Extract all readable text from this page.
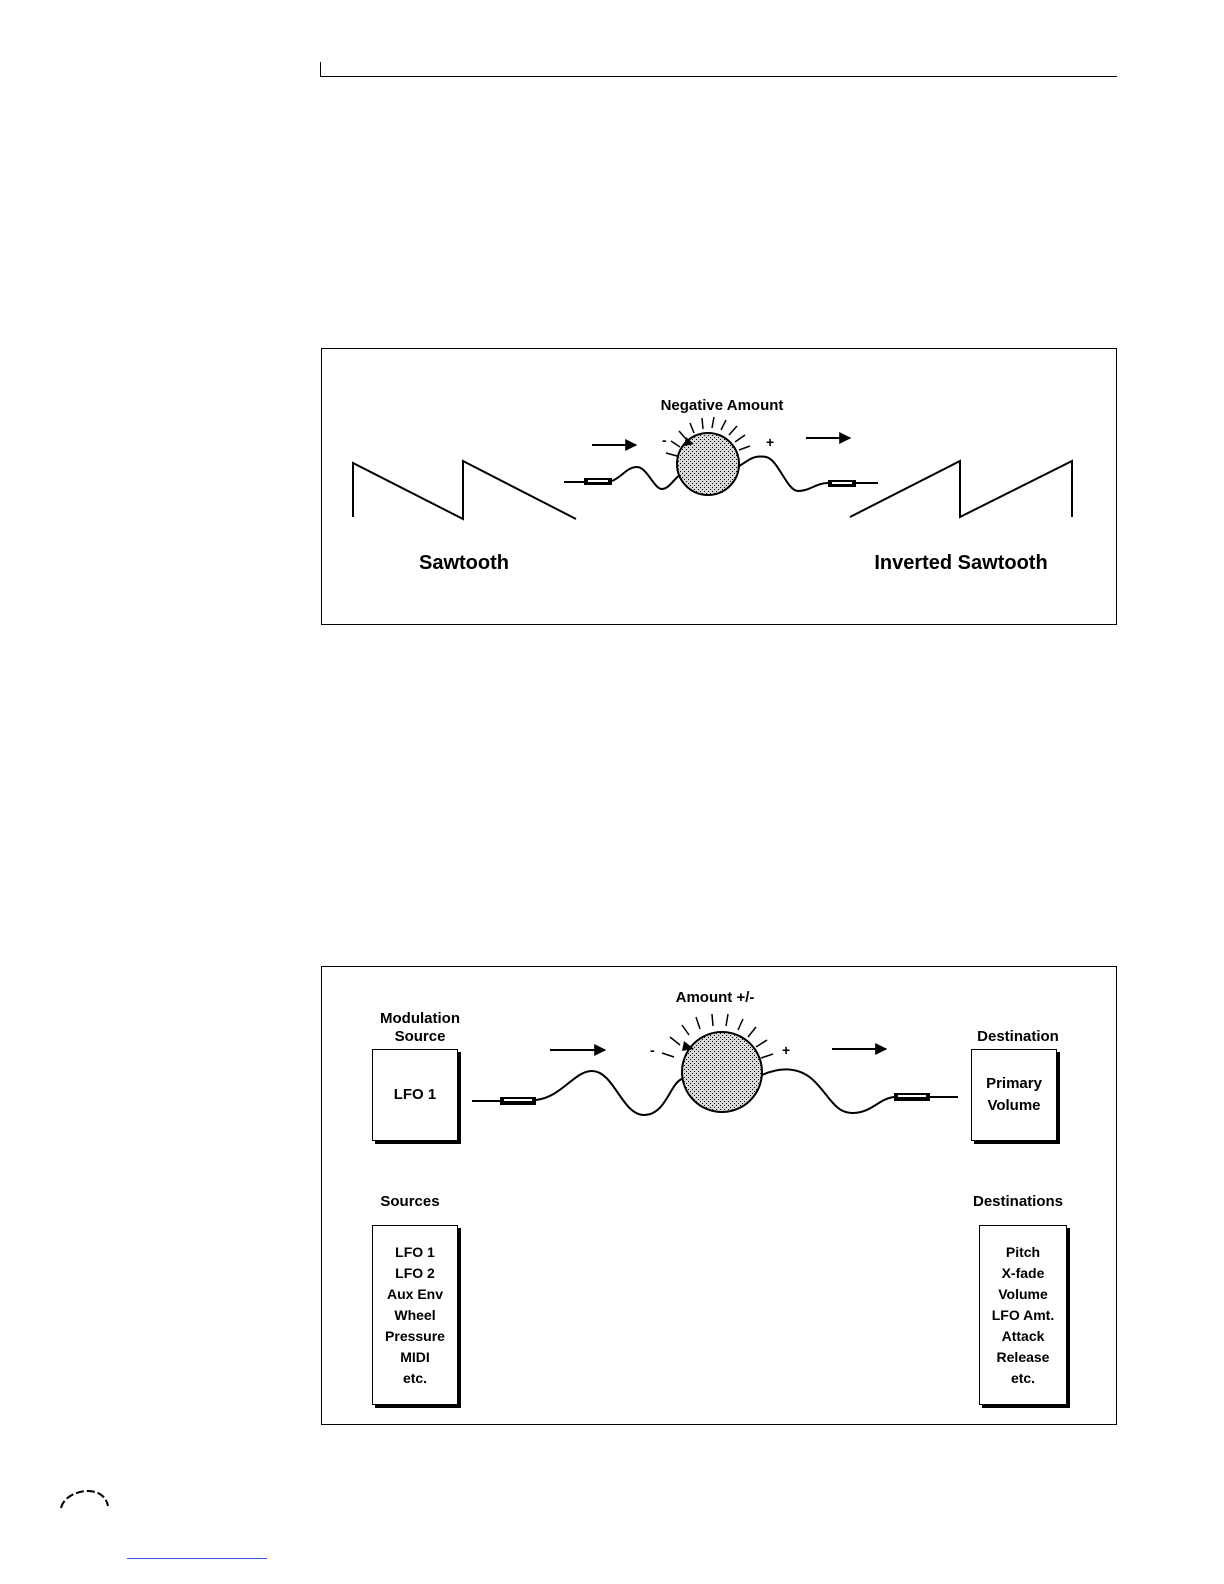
-	+
Negative Amount
Sawtooth	Inverted Sawtooth
-	+
Amount +/-
Modulation
Source
LFO 1
Destination
Primary
Volume
Sources
LFO 1
LFO 2
Aux Env
Wheel
Pressure
MIDI
etc.
Destinations
Pitch
X-fade
Volume
LFO Amt.
Attack
Release
etc.
